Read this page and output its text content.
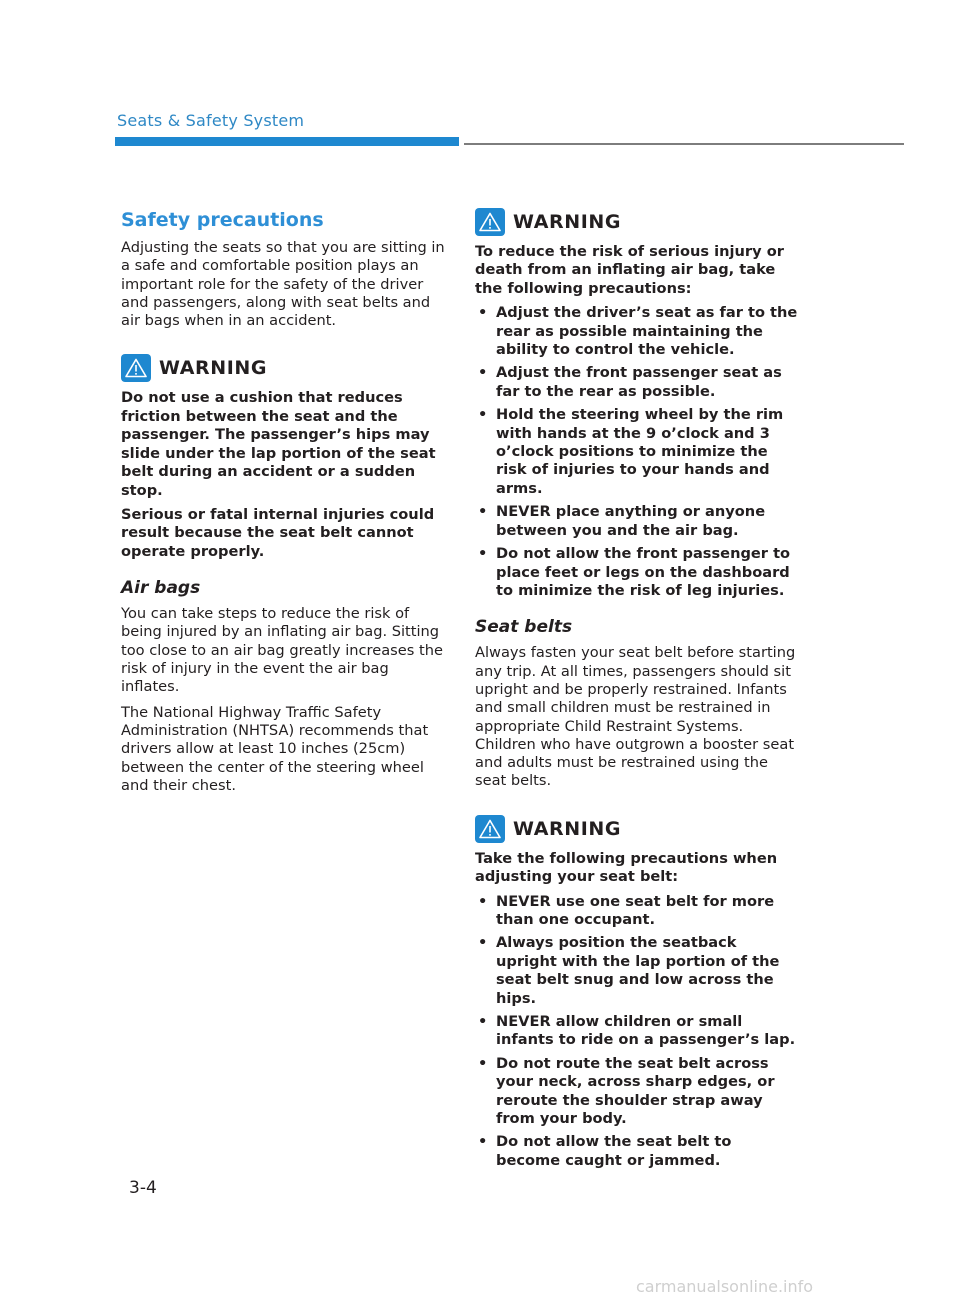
Seats & Safety System
Safety precautions

Adjusting the seats so that you are sitting in a safe and comfortable position plays an important role for the safety of the driver and passengers, along with seat belts and air bags when in an accident.

WARNING

Do not use a cushion that reduces friction between the seat and the passenger. The passenger’s hips may slide under the lap portion of the seat belt during an accident or a sudden stop.

Serious or fatal internal injuries could result because the seat belt cannot operate properly.

Air bags

You can take steps to reduce the risk of being injured by an inflating air bag. Sitting too close to an air bag greatly increases the risk of injury in the event the air bag inflates.

The National Highway Traffic Safety Administration (NHTSA) recommends that drivers allow at least 10 inches (25cm) between the center of the steering wheel and their chest.

WARNING

To reduce the risk of serious injury or death from an inflating air bag, take the following precautions:

• Adjust the driver’s seat as far to the rear as possible maintaining the ability to control the vehicle.
• Adjust the front passenger seat as far to the rear as possible.
• Hold the steering wheel by the rim with hands at the 9 o’clock and 3 o’clock positions to minimize the risk of injuries to your hands and arms.
• NEVER place anything or anyone between you and the air bag.
• Do not allow the front passenger to place feet or legs on the dashboard to minimize the risk of leg injuries.
Seat belts

Always fasten your seat belt before starting any trip. At all times, passengers should sit upright and be properly restrained. Infants and small children must be restrained in appropriate Child Restraint Systems. Children who have outgrown a booster seat and adults must be restrained using the seat belts.

WARNING

Take the following precautions when adjusting your seat belt:

• NEVER use one seat belt for more than one occupant.
• Always position the seatback upright with the lap portion of the seat belt snug and low across the hips.
• NEVER allow children or small infants to ride on a passenger’s lap.
• Do not route the seat belt across your neck, across sharp edges, or reroute the shoulder strap away from your body.
• Do not allow the seat belt to become caught or jammed.
3-4
carmanualsonline.info
